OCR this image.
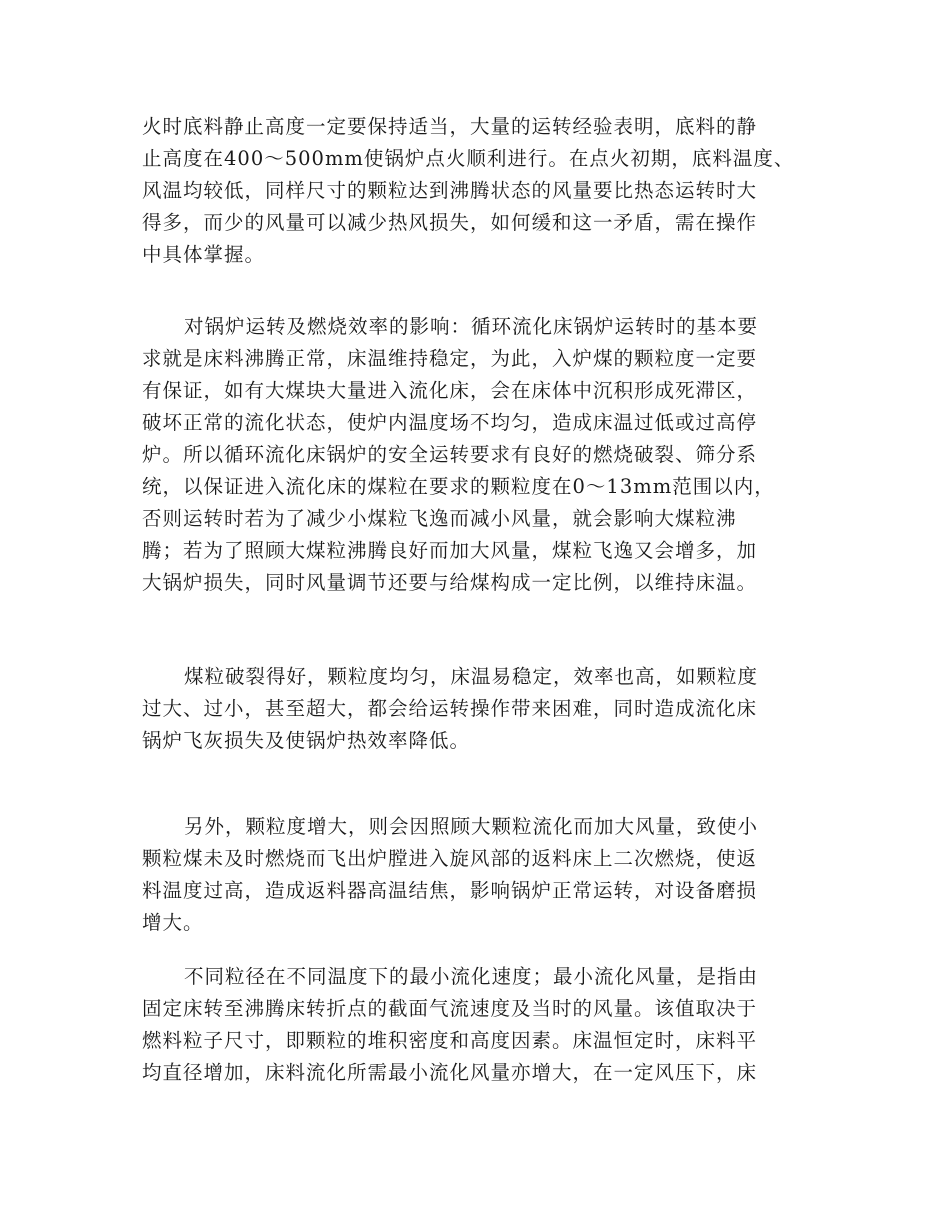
火时底料静止高度一定要保持适当，大量的运转经验表明，底料的静
止高度在400～500mm使锅炉点火顺利进行。在点火初期，底料温度、
风温均较低，同样尺寸的颗粒达到沸腾状态的风量要比热态运转时大
得多，而少的风量可以减少热风损失，如何缓和这一矛盾，需在操作
中具体掌握。
对锅炉运转及燃烧效率的影响：循环流化床锅炉运转时的基本要
求就是床料沸腾正常，床温维持稳定，为此，入炉煤的颗粒度一定要
有保证，如有大煤块大量进入流化床，会在床体中沉积形成死滞区，
破坏正常的流化状态，使炉内温度场不均匀，造成床温过低或过高停
炉。所以循环流化床锅炉的安全运转要求有良好的燃烧破裂、筛分系
统，以保证进入流化床的煤粒在要求的颗粒度在0～13mm范围以内，
否则运转时若为了减少小煤粒飞逸而减小风量，就会影响大煤粒沸
腾；若为了照顾大煤粒沸腾良好而加大风量，煤粒飞逸又会增多，加
大锅炉损失，同时风量调节还要与给煤构成一定比例，以维持床温。
煤粒破裂得好，颗粒度均匀，床温易稳定，效率也高，如颗粒度
过大、过小，甚至超大，都会给运转操作带来困难，同时造成流化床
锅炉飞灰损失及使锅炉热效率降低。
另外，颗粒度增大，则会因照顾大颗粒流化而加大风量，致使小
颗粒煤未及时燃烧而飞出炉膛进入旋风部的返料床上二次燃烧，使返
料温度过高，造成返料器高温结焦，影响锅炉正常运转，对设备磨损
增大。
不同粒径在不同温度下的最小流化速度；最小流化风量，是指由
固定床转至沸腾床转折点的截面气流速度及当时的风量。该值取决于
燃料粒子尺寸，即颗粒的堆积密度和高度因素。床温恒定时，床料平
均直径增加，床料流化所需最小流化风量亦增大，在一定风压下，床
